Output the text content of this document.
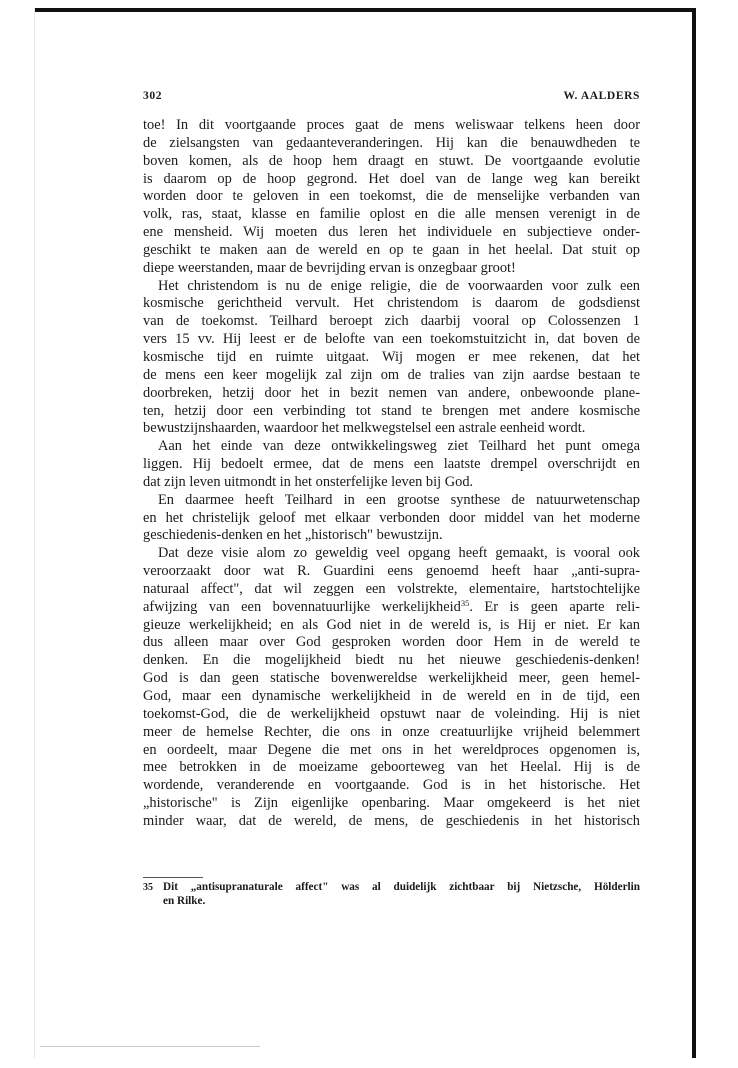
302	W. AALDERS
toe! In dit voortgaande proces gaat de mens weliswaar telkens heen door
de zielsangsten van gedaanteveranderingen. Hij kan die benauwdheden te
boven komen, als de hoop hem draagt en stuwt. De voortgaande evolutie
is daarom op de hoop gegrond. Het doel van de lange weg kan bereikt
worden door te geloven in een toekomst, die de menselijke verbanden van
volk, ras, staat, klasse en familie oplost en die alle mensen verenigt in de
ene mensheid. Wij moeten dus leren het individuele en subjectieve onder-
geschikt te maken aan de wereld en op te gaan in het heelal. Dat stuit op
diepe weerstanden, maar de bevrijding ervan is onzegbaar groot!
Het christendom is nu de enige religie, die de voorwaarden voor zulk een
kosmische gerichtheid vervult. Het christendom is daarom de godsdienst
van de toekomst. Teilhard beroept zich daarbij vooral op Colossenzen 1
vers 15 vv. Hij leest er de belofte van een toekomstuitzicht in, dat boven de
kosmische tijd en ruimte uitgaat. Wij mogen er mee rekenen, dat het
de mens een keer mogelijk zal zijn om de tralies van zijn aardse bestaan te
doorbreken, hetzij door het in bezit nemen van andere, onbewoonde plane-
ten, hetzij door een verbinding tot stand te brengen met andere kosmische
bewustzijnshaarden, waardoor het melkwegstelsel een astrale eenheid wordt.
Aan het einde van deze ontwikkelingsweg ziet Teilhard het punt omega
liggen. Hij bedoelt ermee, dat de mens een laatste drempel overschrijdt en
dat zijn leven uitmondt in het onsterfelijke leven bij God.
En daarmee heeft Teilhard in een grootse synthese de natuurwetenschap
en het christelijk geloof met elkaar verbonden door middel van het moderne
geschiedenis-denken en het „historisch" bewustzijn.
Dat deze visie alom zo geweldig veel opgang heeft gemaakt, is vooral ook
veroorzaakt door wat R. Guardini eens genoemd heeft haar „anti-supra-
naturaal affect", dat wil zeggen een volstrekte, elementaire, hartstochtelijke
afwijzing van een bovennatuurlijke werkelijkheid$^{35}$. Er is geen aparte reli-
gieuze werkelijkheid; en als God niet in de wereld is, is Hij er niet. Er kan
dus alleen maar over God gesproken worden door Hem in de wereld te
denken. En die mogelijkheid biedt nu het nieuwe geschiedenis-denken!
God is dan geen statische bovenwereldse werkelijkheid meer, geen hemel-
God, maar een dynamische werkelijkheid in de wereld en in de tijd, een
toekomst-God, die de werkelijkheid opstuwt naar de voleinding. Hij is niet
meer de hemelse Rechter, die ons in onze creatuurlijke vrijheid belemmert
en oordeelt, maar Degene die met ons in het wereldproces opgenomen is,
mee betrokken in de moeizame geboorteweg van het Heelal. Hij is de
wordende, veranderende en voortgaande. God is in het historische. Het
„historische" is Zijn eigenlijke openbaring. Maar omgekeerd is het niet
minder waar, dat de wereld, de mens, de geschiedenis in het historisch
35 Dit „antisupranaturale affect" was al duidelijk zichtbaar bij Nietzsche, Hölderlin
en Rilke.
